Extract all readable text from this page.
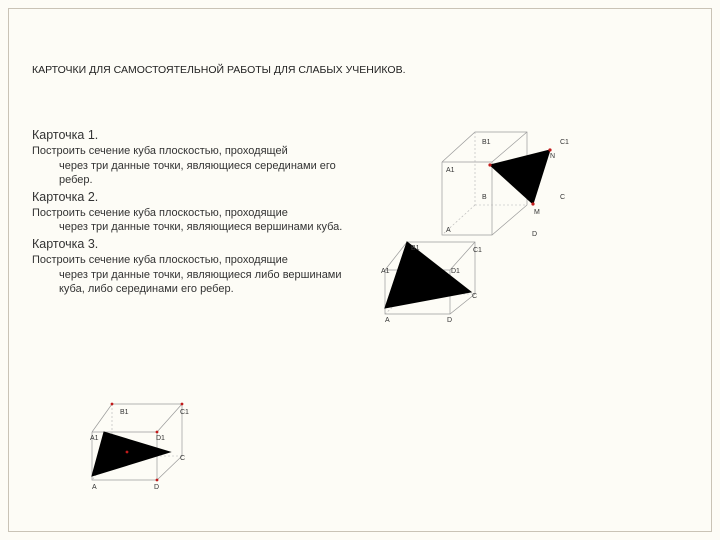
КАРТОЧКИ ДЛЯ САМОСТОЯТЕЛЬНОЙ РАБОТЫ ДЛЯ СЛАБЫХ УЧЕНИКОВ.

Карточка 1.

Построить сечение куба плоскостью, проходящей
через три данные точки, являющиеся серединами его ребер.

Карточка 2.

Построить сечение куба плоскостью, проходящие
через три данные точки, являющиеся вершинами куба.

Карточка 3.

Построить сечение куба плоскостью, проходящие
через три данные точки, являющиеся либо вершинами куба, либо серединами его ребер.

B1	C1
N
A1
B	C
M
A
D
B1	C1
A1	D1
C
A	D
B1	C1
A1	D1
C
A	D
